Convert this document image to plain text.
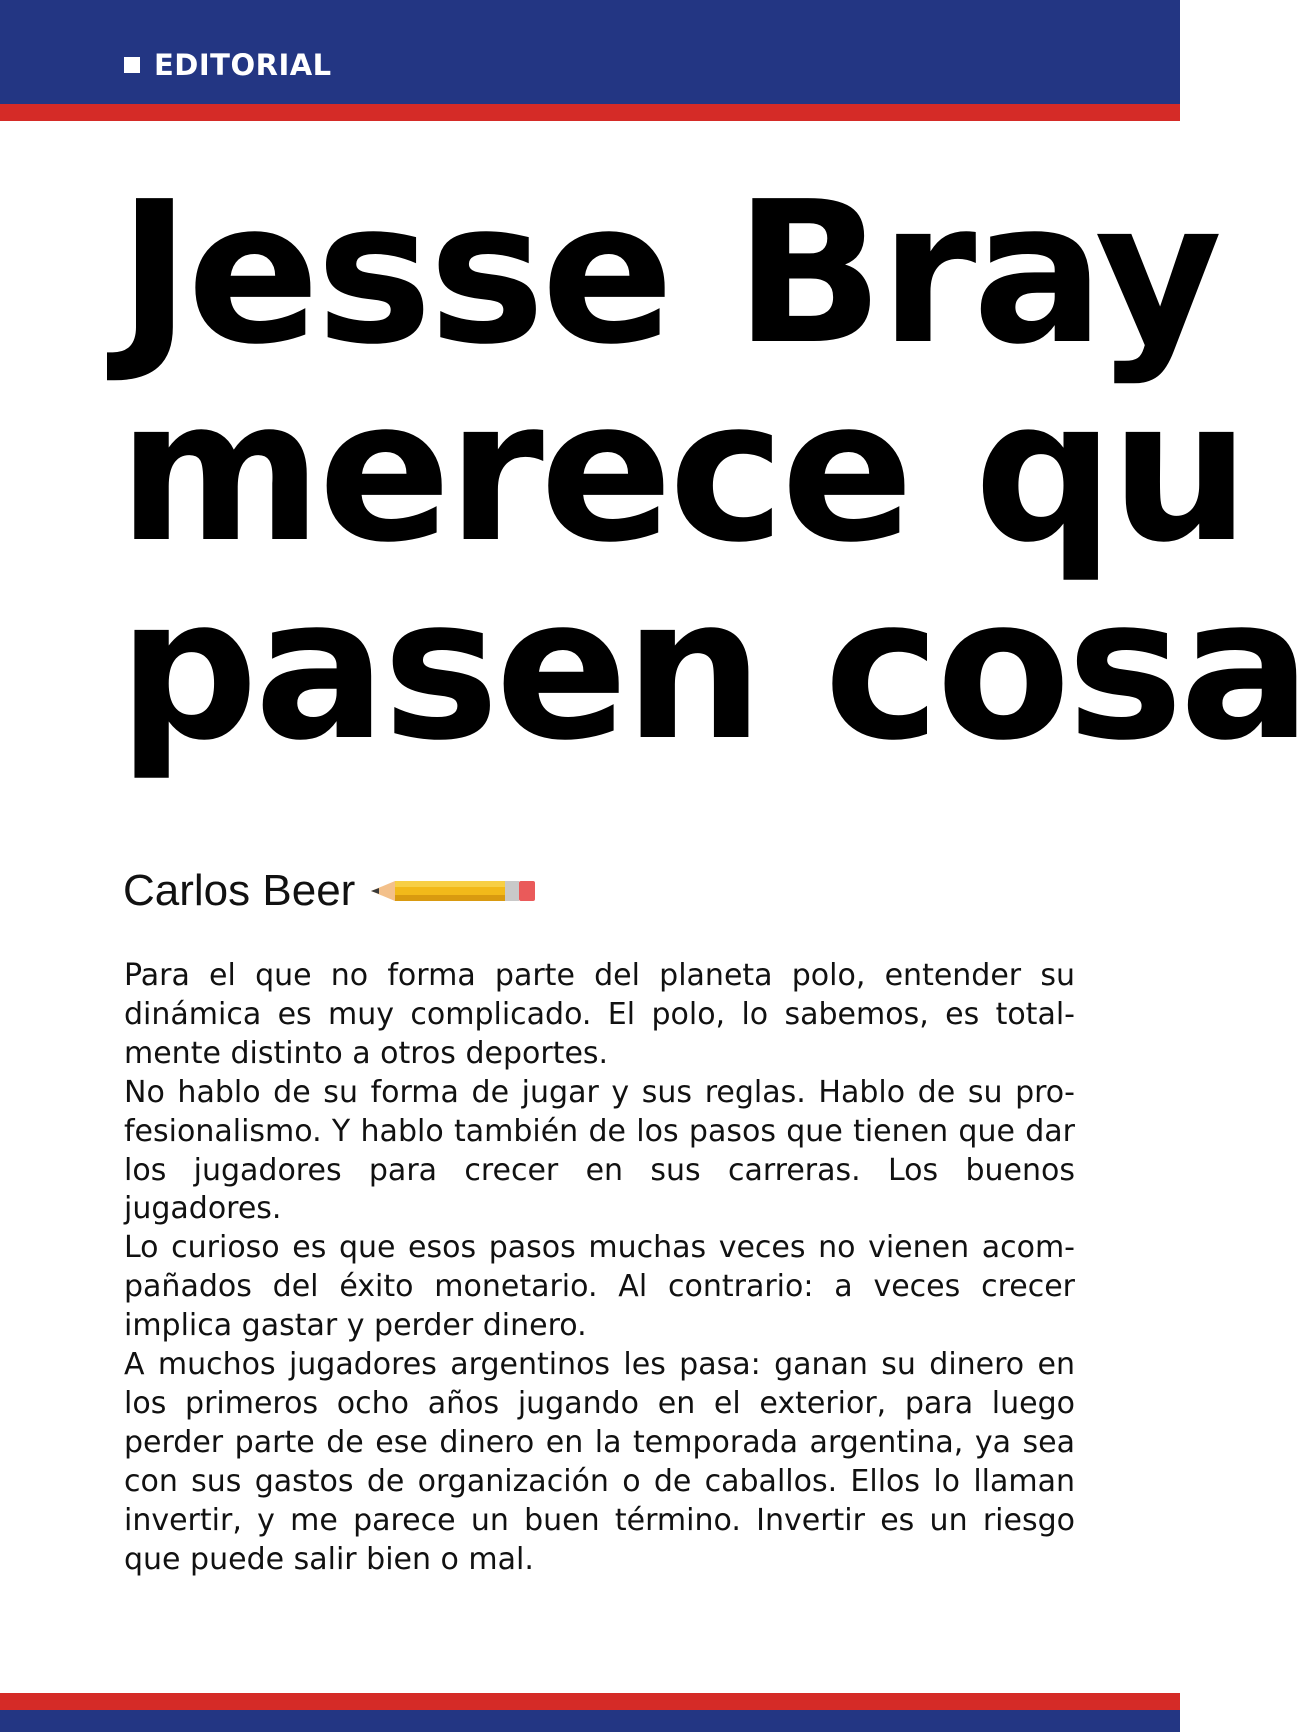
EDITORIAL
Jesse Bray
merece qu
pasen cosa
Carlos Beer

Para el que no forma parte del planeta polo, entender su dinámica es muy complicado. El polo, lo sabemos, es totalmente distinto a otros deportes.

No hablo de su forma de jugar y sus reglas. Hablo de su profesionalismo. Y hablo también de los pasos que tienen que dar los jugadores para crecer en sus carreras. Los buenos jugadores.

Lo curioso es que esos pasos muchas veces no vienen acompañados del éxito monetario. Al contrario: a veces crecer implica gastar y perder dinero.

A muchos jugadores argentinos les pasa: ganan su dinero en los primeros ocho años jugando en el exterior, para luego perder parte de ese dinero en la temporada argentina, ya sea con sus gastos de organización o de caballos. Ellos lo llaman invertir, y me parece un buen término. Invertir es un riesgo que puede salir bien o mal.
